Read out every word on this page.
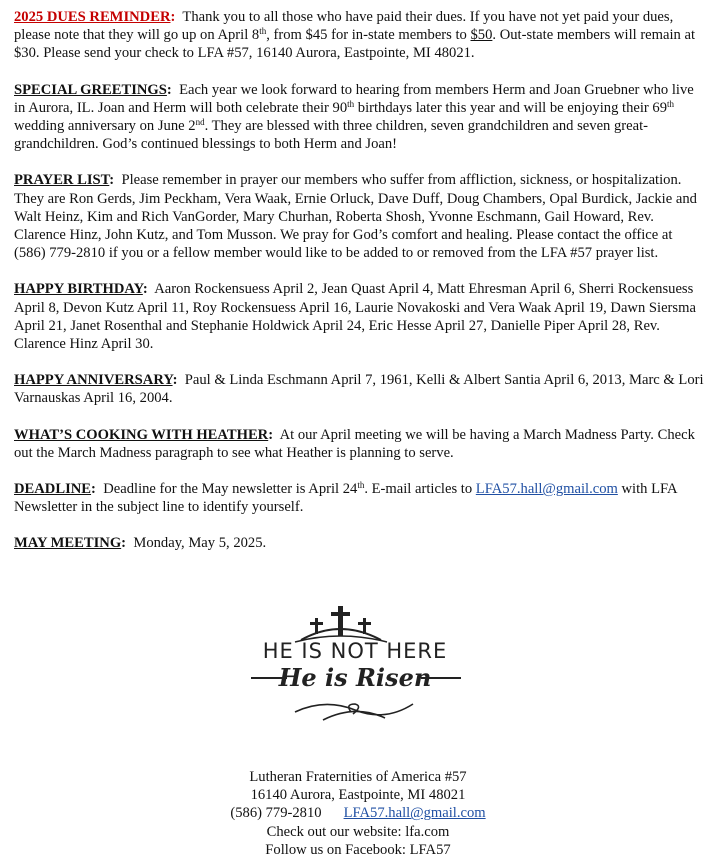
2025 DUES REMINDER: Thank you to all those who have paid their dues. If you have not yet paid your dues, please note that they will go up on April 8th, from $45 for in-state members to $50. Out-state members will remain at $30. Please send your check to LFA #57, 16140 Aurora, Eastpointe, MI 48021.

SPECIAL GREETINGS: Each year we look forward to hearing from members Herm and Joan Gruebner who live in Aurora, IL. Joan and Herm will both celebrate their 90th birthdays later this year and will be enjoying their 69th wedding anniversary on June 2nd. They are blessed with three children, seven grandchildren and seven great-grandchildren. God’s continued blessings to both Herm and Joan!

PRAYER LIST: Please remember in prayer our members who suffer from affliction, sickness, or hospitalization. They are Ron Gerds, Jim Peckham, Vera Waak, Ernie Orluck, Dave Duff, Doug Chambers, Opal Burdick, Jackie and Walt Heinz, Kim and Rich VanGorder, Mary Churhan, Roberta Shosh, Yvonne Eschmann, Gail Howard, Rev. Clarence Hinz, John Kutz, and Tom Musson. We pray for God’s comfort and healing. Please contact the office at (586) 779-2810 if you or a fellow member would like to be added to or removed from the LFA #57 prayer list.

HAPPY BIRTHDAY: Aaron Rockensuess April 2, Jean Quast April 4, Matt Ehresman April 6, Sherri Rockensuess April 8, Devon Kutz April 11, Roy Rockensuess April 16, Laurie Novakoski and Vera Waak April 19, Dawn Siersma April 21, Janet Rosenthal and Stephanie Holdwick April 24, Eric Hesse April 27, Danielle Piper April 28, Rev. Clarence Hinz April 30.

HAPPY ANNIVERSARY: Paul & Linda Eschmann April 7, 1961, Kelli & Albert Santia April 6, 2013, Marc & Lori Varnauskas April 16, 2004.

WHAT’S COOKING WITH HEATHER: At our April meeting we will be having a March Madness Party. Check out the March Madness paragraph to see what Heather is planning to serve.

DEADLINE: Deadline for the May newsletter is April 24th. E-mail articles to LFA57.hall@gmail.com with LFA Newsletter in the subject line to identify yourself.

MAY MEETING: Monday, May 5, 2025.

HE IS NOT HERE
He is Risen
Lutheran Fraternities of America #57
16140 Aurora, Eastpointe, MI 48021
(586) 779-2810 LFA57.hall@gmail.com
Check out our website: lfa.com
Follow us on Facebook: LFA57
